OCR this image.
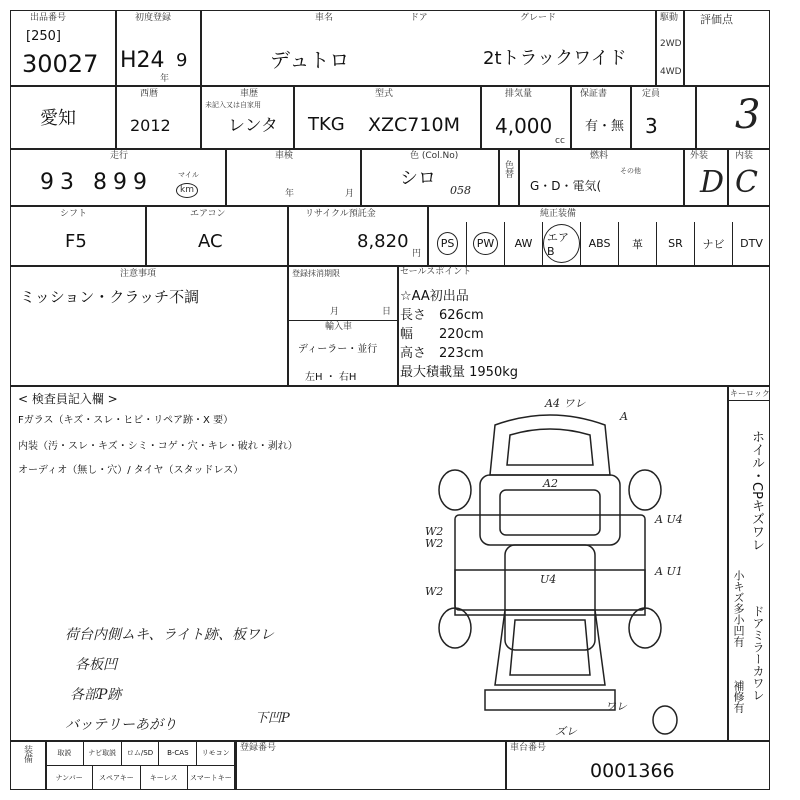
出品番号
[250]
30027
初度登録
H24 9
年
車名	ドア
デュトロ
グレード
2tトラックワイド
駆動
2WD
4WD
評価点
3
愛知
西暦
2012
車歴
未記入又は自家用
レンタ
型式
TKG XZC710M
排気量
4,000
cc
保証書
有・無
定員
3
走行
93 899	マイル
km
車検
年	月
色 (Col.No)
シロ
058
色替
燃料
G・D・電気(
その他
外装
D
内装
C
シフト
F5
エアコン
AC
リサイクル預託金
8,820
円
純正装備
PS	PW	AW	エアB
ABS 革 SR ナビ DTV
注意事項
ミッション・クラッチ不調
登録抹消期限
月	日
輸入車
ディーラー・並行
左H ・ 右H
セールスポイント
☆AA初出品
長さ　626cm
幅　　220cm
高さ　223cm
最大積載量 1950kg
< 検査員記入欄 >
Fガラス（キズ・スレ・ヒビ・リペア跡・X 要）
内装（汚・スレ・キズ・シミ・コゲ・穴・キレ・破れ・剥れ）
オーディオ（無し・穴）/ タイヤ（スタッドレス）
荷台内側ムキ、ライト跡、板ワレ
各板凹
各部P跡
バッテリーあがり	下凹P
A4 ワレ
A
A2
W2
W2
W2
U4
A U4
A U1
ワレ
ズレ
キーロック
ホイル・CPキズワレ
小キズ多小凹有 ドアミラーカワレ
補修有
装備	取説	ナビ取説	ロム/SD	B-CAS	リモコン
ナンバー	スペアキー	キーレス	スマートキー
登録番号	車台番号
0001366
